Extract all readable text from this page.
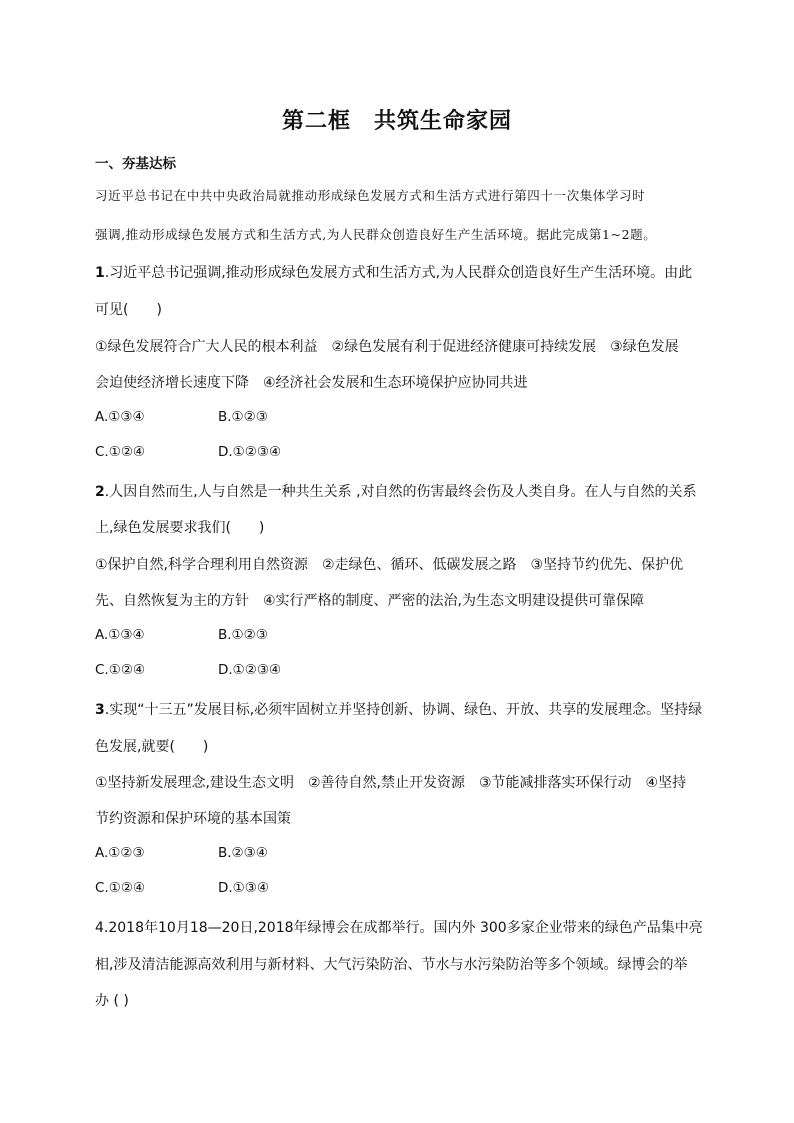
第二框　共筑生命家园
一、夯基达标
习近平总书记在中共中央政治局就推动形成绿色发展方式和生活方式进行第四十一次集体学习时
强调,推动形成绿色发展方式和生活方式,为人民群众创造良好生产生活环境。据此完成第1~2题。
1.习近平总书记强调,推动形成绿色发展方式和生活方式,为人民群众创造良好生产生活环境。由此
可见(　　)
①绿色发展符合广大人民的根本利益　②绿色发展有利于促进经济健康可持续发展　③绿色发展
会迫使经济增长速度下降　④经济社会发展和生态环境保护应协同共进
A.①③④	B.①②③
C.①②④	D.①②③④
2.人因自然而生,人与自然是一种共生关系 ,对自然的伤害最终会伤及人类自身。在人与自然的关系
上,绿色发展要求我们(　　)
①保护自然,科学合理利用自然资源　②走绿色、循环、低碳发展之路　③坚持节约优先、保护优
先、自然恢复为主的方针　④实行严格的制度、严密的法治,为生态文明建设提供可靠保障
A.①③④	B.①②③
C.①②④	D.①②③④
3.实现“十三五”发展目标,必须牢固树立并坚持创新、协调、绿色、开放、共享的发展理念。坚持绿
色发展,就要(　　)
①坚持新发展理念,建设生态文明　②善待自然,禁止开发资源　③节能减排落实环保行动　④坚持
节约资源和保护环境的基本国策
A.①②③	B.②③④
C.①②④	D.①③④
4.2018年10月18—20日,2018年绿博会在成都举行。国内外 300多家企业带来的绿色产品集中亮
相,涉及清洁能源高效利用与新材料、大气污染防治、节水与水污染防治等多个领域。绿博会的举
办 ( )
